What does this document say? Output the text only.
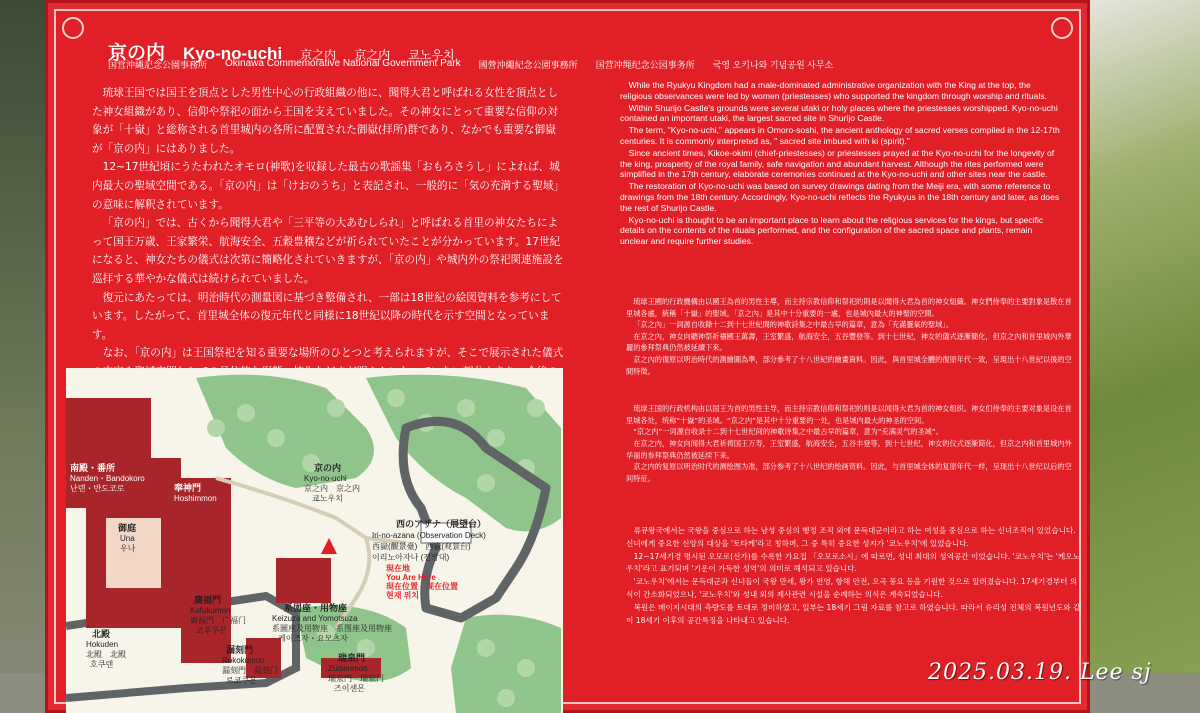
京の内 Kyo-no-uchi 京之内 京之内 쿄노우치
国営沖縄記念公園事務所 Okinawa Commemorative National Government Park 國營沖繩紀念公園事務所 国营冲绳纪念公园事务所 국영 오키나와 기념공원 사무소

琉球王国では国王を頂点とした男性中心の行政組織の他に、聞得大君と呼ばれる女性を頂点とした神女組織があり、信仰や祭祀の面から王国を支えていました。その神女にとって重要な信仰の対象が「十嶽」と総称される首里城内の各所に配置された御嶽(拝所)群であり、なかでも重要な御嶽が「京の内」にはありました。

12~17世紀頃にうたわれたオモロ(神歌)を収録した最古の歌謡集「おもろさうし」によれば、城内最大の聖域空間である。「京の内」は「けおのうち」と表記され、一般的に「気の充満する聖域」の意味に解釈されています。

「京の内」では、古くから聞得大君や「三平等の大あむしられ」と呼ばれる首里の神女たちによって国王万歳、王家繁栄、航海安全、五穀豊穣などが祈られていたことが分かっています。17世紀になると、神女たちの儀式は次第に簡略化されていきますが、「京の内」や城内外の祭祀関連施設を巡拝する華やかな儀式は続けられていました。

復元にあたっては、明治時代の測量図に基づき整備され、一部は18世紀の絵図資料を参考にしています。したがって、首里城全体の復元年代と同様に18世紀以降の時代を示す空間となっています。

なお、「京の内」は王国祭祀を知る重要な場所のひとつと考えられますが、そこで展示された儀式

While the Ryukyu Kingdom had a male-dominated administrative organization with the King at the top, the religious observances were led by women (priestesses) who supported the kingdom through worship and rituals.

Within Shurijo Castle's grounds were several utaki or holy places where the priestesses worshipped. Kyo-no-uchi contained an important utaki, the largest sacred site in Shurijo Castle.

The term, "Kyo-no-uchi," appears in Omoro-soshi, the ancient anthology of sacred verses compiled in the 12-17th centuries. It is commonly interpreted as, " sacred site imbued with ki (spirit)."

Since ancient times, Kikoe-okimi (chief-priestesses) or priestesses prayed at the Kyo-no-uchi for the longevity of the king, prosperity of the royal family, safe navigation and abundant harvest. Although the rites performed were simplified in the 17th century, elaborate ceremonies continued at the Kyo-no-uchi and other sites near the castle.

The restoration of Kyo-no-uchi was based on survey drawings dating from the Meiji era, with some reference to drawings from the 18th century. Accordingly, Kyo-no-uchi reflects the Ryukyus in the 18th century and later, as does the rest of Shurijo Castle.

Kyo-no-uchi is thought to be an important place to learn about the religious services for the kings, but specific details on the contents of the rituals performed, and the configuration of the sacred space and plants, remain unclear and require further studies.

琉球王國的行政機構由以國王為首的男性主導，而主持宗教信仰和祭祀的則是以聞得大君為首的神女組織。神女們侍奉的主要對象是散在首里城各處，統稱「十嶽」的聖域。「京之內」是其中十分重要的一處，也是城內最大的神聖的空間。

「京之內」一詞源自收錄十二到十七世紀間的神歌詩集之中最古早的篇章，意為「充滿靈氣的聖域」。

在京之內，神女向聽神祭祈禱國王萬壽，王室繁盛，航海安全，五谷豐登等。到十七世紀，神女的儀式逐漸簡化，但京之內和首里城內外華麗的參拜祭典仍然被延續下來。

京之內的復原以明治時代的測繪圖為準，部分參考了十八世紀的繪畫資料。因此，與首里城全體的復原年代一致，呈現出十八世紀以後的空間特徵。

琉球王国的行政机构由以国王为首的男性主导，而主持宗教信仰和祭祀的则是以闻得大君为首的神女组织。神女们侍奉的主要对象是设在首里城各处，统称“十嶽”的圣域。“京之内”是其中十分重要的一处，也是城内最大的神圣的空间。

“京之内”一词源自收录十二到十七世纪间的神歌诗集之中最古早的篇章，意为“充满灵气的圣域”。

在京之内，神女向闻得大君祈祷国王万寿，王室繁盛，航海安全，五谷丰登等。到十七世纪，神女的仪式逐渐简化，但京之内和首里城内外华丽的参拜祭典仍然被延续下来。

京之内的复原以明治时代的测绘图为准，部分参考了十八世纪的绘画资料。因此，与首里城全体的复原年代一样，呈现出十八世纪以后的空间特征。

류큐왕국에서는 국왕을 중심으로 하는 남성 중심의 행정 조직 외에 문득대군이라고 하는 여성을 중심으로 하는 신녀조직이 있었습니다. 신녀에게 중요한 신앙의 대상을 '토타케'라고 칭하며, 그 중 특히 중요한 성지가 '쿄노우치'에 있었습니다.

12~17세기경 명시된 오모로(신가)를 수록한 가요집 「오모로소시」에 따르면, 성내 최대의 성역공간 이었습니다. '쿄노우치'는 '케오노우치'라고 표기되며 '기운이 가득한 성역'의 의미로 해석되고 있습니다.

'쿄노우치'에서는 문득대군과 신녀들이 국왕 만세, 왕가 번영, 항해 안전, 오곡 풍요 등을 기원한 것으로 알려졌습니다. 17세기경부터 의식이 간소화되었으나, '쿄노우치'와 성내 외의 제사관련 시설을 순례하는 의식은 계속되었습니다.

복원은 메이지시대의 측량도를 토대로 정비하였고, 일부는 18세기 그림 자료를 참고로 하였습니다. 따라서 슈리성 전체의 복원년도와 같이 18세기 이후의 공간특징을 나타내고 있습니다.

南殿・番所
Nanden・Bandokoro
난덴・반도코로
御庭
Una
우나
奉神門
Hoshimmon
京の内
Kyo-no-uchi
京之内　京之内
쿄노우치
西のアザナ（展望台）
Iri-no-azana (Observation Deck)
西嶽(觀景臺)　西嶽(观景台)
이리노아자나 (전망대)
現在地
You Are Here
現在位置　现在位置
현재 위치
廣福門
Kofukumon
廣福門　广福门
코후쿠몬
系図座・用物座
Keizuza and Yomotsuza
系圖座及用物座　系图座及用物座
케이즈자・요모츠자
漏刻門
Rokokumon
漏刻門　漏刻门
로코쿠몬
瑞泉門
Zuisenmon
瑞泉門　瑞泉门
즈이센몬
北殿
Hokuden
北殿　北殿
호쿠덴	2025.03.19. Lee sj
